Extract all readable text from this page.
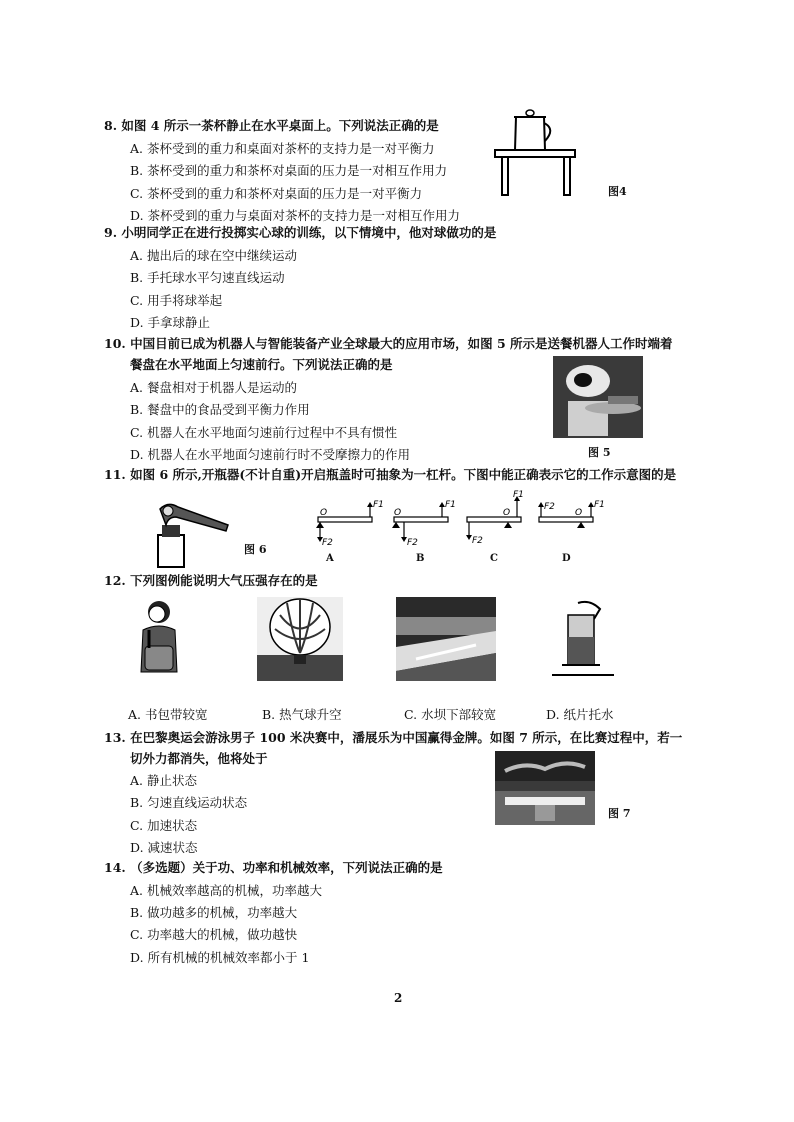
8. 如图 4 所示一茶杯静止在水平桌面上。下列说法正确的是
A. 茶杯受到的重力和桌面对茶杯的支持力是一对平衡力
B. 茶杯受到的重力和茶杯对桌面的压力是一对相互作用力
C. 茶杯受到的重力和茶杯对桌面的压力是一对平衡力
D. 茶杯受到的重力与桌面对茶杯的支持力是一对相互作用力
图4
9. 小明同学正在进行投掷实心球的训练，以下情境中，他对球做功的是
A. 抛出后的球在空中继续运动
B. 手托球水平匀速直线运动
C. 用手将球举起
D. 手拿球静止
10. 中国目前已成为机器人与智能装备产业全球最大的应用市场，如图 5 所示是送餐机器人工作时端着
餐盘在水平地面上匀速前行。下列说法正确的是
A. 餐盘相对于机器人是运动的
B. 餐盘中的食品受到平衡力作用
C. 机器人在水平地面匀速前行过程中不具有惯性
D. 机器人在水平地面匀速前行时不受摩擦力的作用	图 5
11. 如图 6 所示,开瓶器(不计自重)开启瓶盖时可抽象为一杠杆。下图中能正确表示它的工作示意图的是
图 6
O
F1
F2
A
O
F1
F2
B
O
F1
F2
C
O
F2	F1
D
12. 下列图例能说明大气压强存在的是
A. 书包带较宽	B. 热气球升空	C. 水坝下部较宽	D. 纸片托水
13. 在巴黎奥运会游泳男子 100 米决赛中，潘展乐为中国赢得金牌。如图 7 所示，在比赛过程中，若一
切外力都消失，他将处于
A. 静止状态
B. 匀速直线运动状态
C. 加速状态
D. 减速状态
图 7
14. （多选题）关于功、功率和机械效率，下列说法正确的是
A. 机械效率越高的机械，功率越大
B. 做功越多的机械，功率越大
C. 功率越大的机械，做功越快
D. 所有机械的机械效率都小于 1
2
